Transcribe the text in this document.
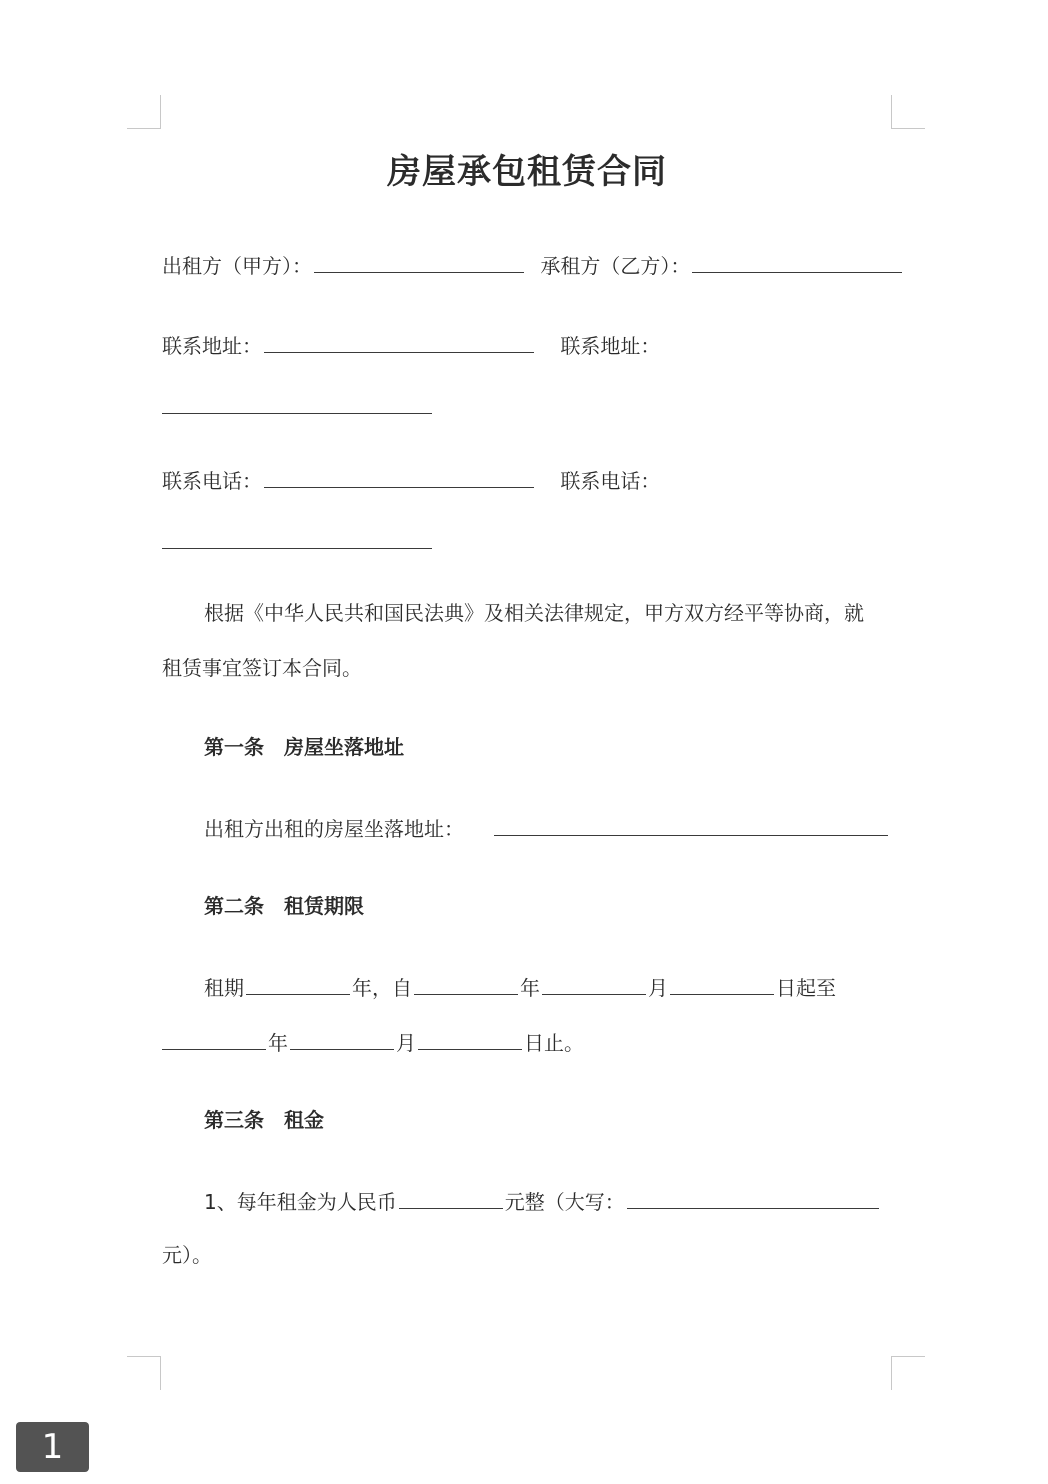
房屋承包租赁合同
出租方（甲方）：	承租方（乙方）：
联系地址：	联系地址：
联系电话：	联系电话：
根据《中华人民共和国民法典》及相关法律规定，甲方双方经平等协商，就
租赁事宜签订本合同。
第一条　房屋坐落地址
出租方出租的房屋坐落地址：
第二条　租赁期限
租期	年，自	年	月	日起至
年	月	日止。
第三条　租金
1、每年租金为人民币	元整（大写：
元）。
1
